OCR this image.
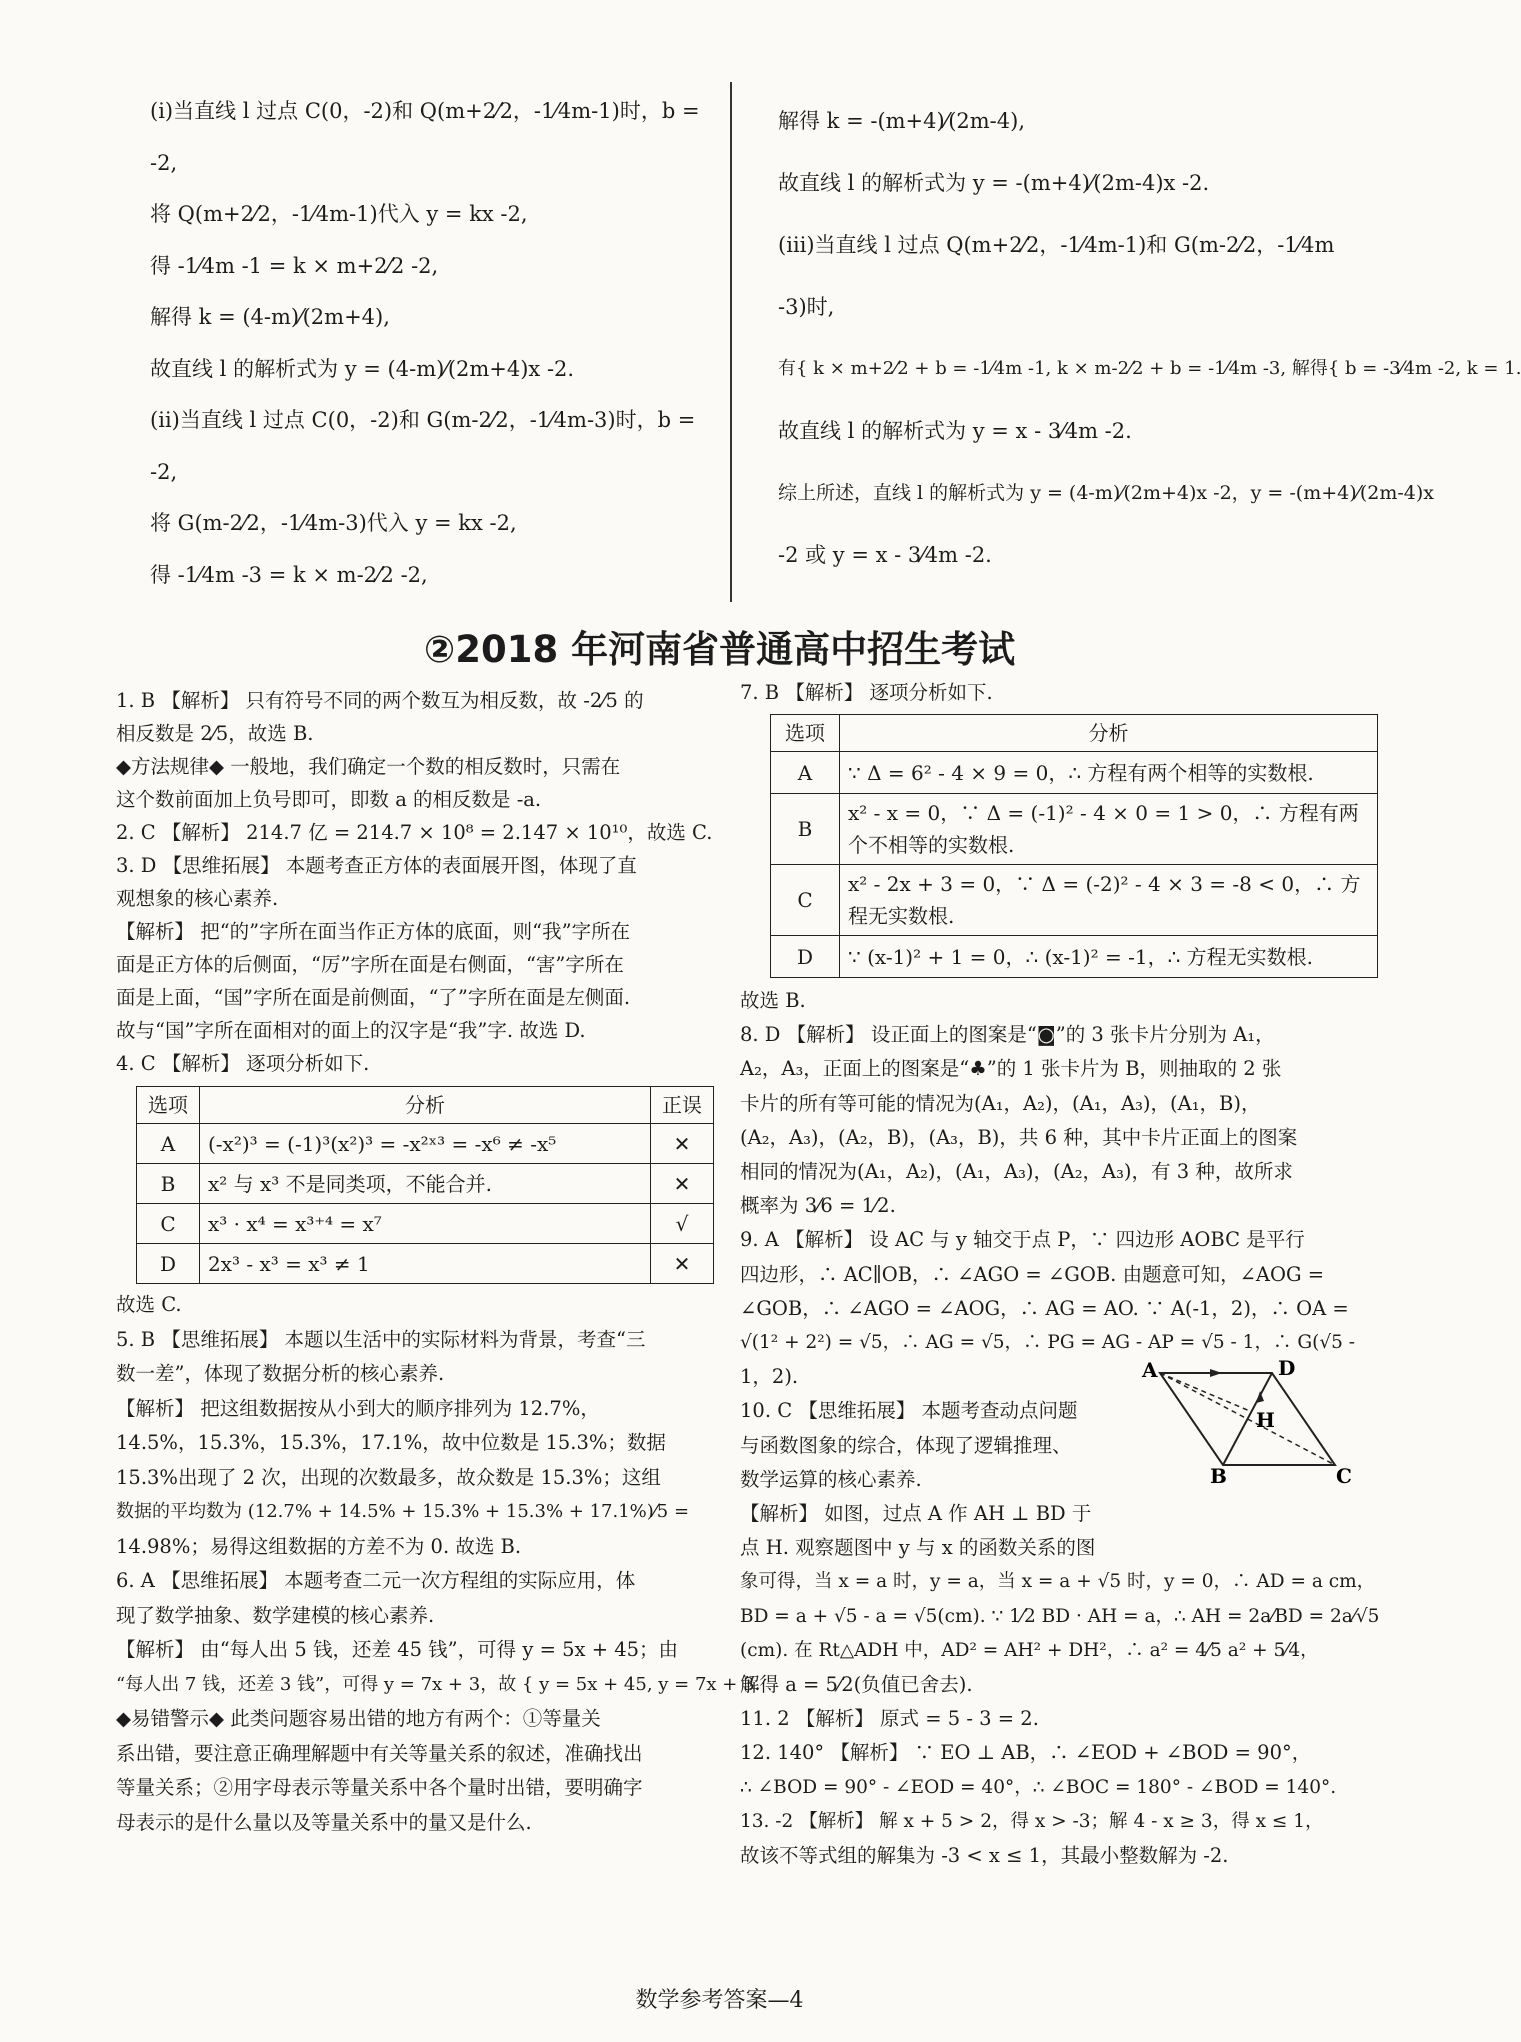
(ⅰ)当直线 l 过点 C(0，-2)和 Q(m+2⁄2，-1⁄4m-1)时，b =

-2,

将 Q(m+2⁄2，-1⁄4m-1)代入 y = kx -2,

得 -1⁄4m -1 = k × m+2⁄2 -2,

解得 k = (4-m)⁄(2m+4),

故直线 l 的解析式为 y = (4-m)⁄(2m+4)x -2.

(ⅱ)当直线 l 过点 C(0，-2)和 G(m-2⁄2，-1⁄4m-3)时，b =

-2,

将 G(m-2⁄2，-1⁄4m-3)代入 y = kx -2,

得 -1⁄4m -3 = k × m-2⁄2 -2,

解得 k = -(m+4)⁄(2m-4),

故直线 l 的解析式为 y = -(m+4)⁄(2m-4)x -2.

(ⅲ)当直线 l 过点 Q(m+2⁄2，-1⁄4m-1)和 G(m-2⁄2，-1⁄4m

-3)时,

有{ k × m+2⁄2 + b = -1⁄4m -1, k × m-2⁄2 + b = -1⁄4m -3, 解得{ b = -3⁄4m -2, k = 1.

故直线 l 的解析式为 y = x - 3⁄4m -2.

综上所述，直线 l 的解析式为 y = (4-m)⁄(2m+4)x -2，y = -(m+4)⁄(2m-4)x

-2 或 y = x - 3⁄4m -2.

②2018 年河南省普通高中招生考试

1. B 【解析】 只有符号不同的两个数互为相反数，故 -2⁄5 的

相反数是 2⁄5，故选 B.

◆方法规律◆ 一般地，我们确定一个数的相反数时，只需在

这个数前面加上负号即可，即数 a 的相反数是 -a.

2. C 【解析】 214.7 亿 = 214.7 × 10⁸ = 2.147 × 10¹⁰，故选 C.

3. D 【思维拓展】 本题考查正方体的表面展开图，体现了直

观想象的核心素养.

【解析】 把“的”字所在面当作正方体的底面，则“我”字所在

面是正方体的后侧面，“厉”字所在面是右侧面，“害”字所在

面是上面，“国”字所在面是前侧面，“了”字所在面是左侧面.

故与“国”字所在面相对的面上的汉字是“我”字. 故选 D.

4. C 【解析】 逐项分析如下.

选项	分析	正误
A	(-x²)³ = (-1)³(x²)³ = -x²ˣ³ = -x⁶ ≠ -x⁵	✕
B	x² 与 x³ 不是同类项，不能合并.	✕
C	x³ · x⁴ = x³⁺⁴ = x⁷	√
D	2x³ - x³ = x³ ≠ 1	✕

故选 C.

5. B 【思维拓展】 本题以生活中的实际材料为背景，考查“三

数一差”，体现了数据分析的核心素养.

【解析】 把这组数据按从小到大的顺序排列为 12.7%，

14.5%，15.3%，15.3%，17.1%，故中位数是 15.3%；数据

15.3%出现了 2 次，出现的次数最多，故众数是 15.3%；这组

数据的平均数为 (12.7% + 14.5% + 15.3% + 15.3% + 17.1%)⁄5 =

14.98%；易得这组数据的方差不为 0. 故选 B.

6. A 【思维拓展】 本题考查二元一次方程组的实际应用，体

现了数学抽象、数学建模的核心素养.

【解析】 由“每人出 5 钱，还差 45 钱”，可得 y = 5x + 45；由

“每人出 7 钱，还差 3 钱”，可得 y = 7x + 3，故 { y = 5x + 45, y = 7x + 3.

◆易错警示◆ 此类问题容易出错的地方有两个：①等量关

系出错，要注意正确理解题中有关等量关系的叙述，准确找出

等量关系；②用字母表示等量关系中各个量时出错，要明确字

母表示的是什么量以及等量关系中的量又是什么.

7. B 【解析】 逐项分析如下.

选项	分析
A	∵ Δ = 6² - 4 × 9 = 0，∴ 方程有两个相等的实数根.
B	x² - x = 0，∵ Δ = (-1)² - 4 × 0 = 1 > 0，∴ 方程有两个不相等的实数根.
C	x² - 2x + 3 = 0，∵ Δ = (-2)² - 4 × 3 = -8 < 0，∴ 方程无实数根.
D	∵ (x-1)² + 1 = 0，∴ (x-1)² = -1，∴ 方程无实数根.

故选 B.

8. D 【解析】 设正面上的图案是“◙”的 3 张卡片分别为 A₁，

A₂，A₃，正面上的图案是“♣”的 1 张卡片为 B，则抽取的 2 张

卡片的所有等可能的情况为(A₁，A₂)，(A₁，A₃)，(A₁，B)，

(A₂，A₃)，(A₂，B)，(A₃，B)，共 6 种，其中卡片正面上的图案

相同的情况为(A₁，A₂)，(A₁，A₃)，(A₂，A₃)，有 3 种，故所求

概率为 3⁄6 = 1⁄2.

9. A 【解析】 设 AC 与 y 轴交于点 P，∵ 四边形 AOBC 是平行

四边形，∴ AC∥OB，∴ ∠AGO = ∠GOB. 由题意可知，∠AOG =

∠GOB，∴ ∠AGO = ∠AOG，∴ AG = AO. ∵ A(-1，2)，∴ OA =

√(1² + 2²) = √5，∴ AG = √5，∴ PG = AG - AP = √5 - 1，∴ G(√5 -

1，2).

10. C 【思维拓展】 本题考查动点问题

与函数图象的综合，体现了逻辑推理、

数学运算的核心素养.

【解析】 如图，过点 A 作 AH ⊥ BD 于

点 H. 观察题图中 y 与 x 的函数关系的图

象可得，当 x = a 时，y = a，当 x = a + √5 时，y = 0，∴ AD = a cm，

BD = a + √5 - a = √5(cm). ∵ 1⁄2 BD · AH = a，∴ AH = 2a⁄BD = 2a⁄√5

(cm). 在 Rt△ADH 中，AD² = AH² + DH²，∴ a² = 4⁄5 a² + 5⁄4，

解得 a = 5⁄2(负值已舍去).

11. 2 【解析】 原式 = 5 - 3 = 2.

12. 140° 【解析】 ∵ EO ⊥ AB，∴ ∠EOD + ∠BOD = 90°，

∴ ∠BOD = 90° - ∠EOD = 40°，∴ ∠BOC = 180° - ∠BOD = 140°.

13. -2 【解析】 解 x + 5 > 2，得 x > -3；解 4 - x ≥ 3，得 x ≤ 1，

故该不等式组的解集为 -3 < x ≤ 1，其最小整数解为 -2.

A	D
H
B	C
数学参考答案—4
